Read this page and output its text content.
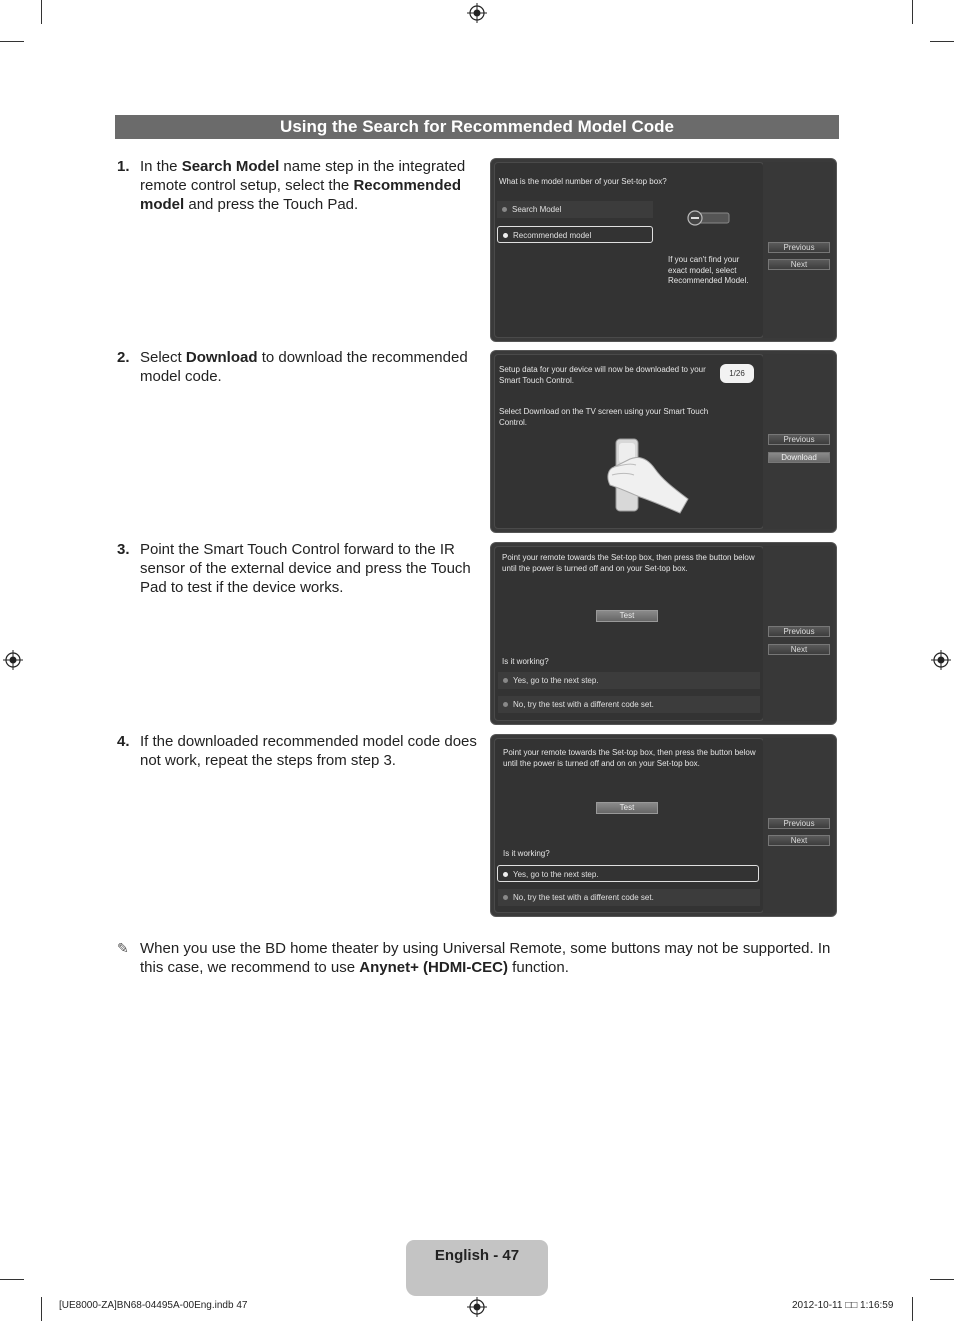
Using the Search for Recommended Model Code
1. In the Search Model name step in the integrated remote control setup, select the Recommended model and press the Touch Pad.
What is the model number of your Set-top box?
Search Model
Recommended model
If you can't find your exact model, select Recommended Model.
Previous
Next
2. Select Download to download the recommended model code.	Setup data for your device will now be downloaded to your Smart Touch Control.
1/26
Select Download on the TV screen using your Smart Touch Control.
Previous
Download
3. Point the Smart Touch Control forward to the IR sensor of the external device and press the Touch Pad to test if the device works.
Point your remote towards the Set-top box, then press the button below until the power is turned off and on your Set-top box.
Test
Is it working?
Yes, go to the next step.
No, try the test with a different code set.
Previous
Next
4. If the downloaded recommended model code does not work, repeat the steps from step 3.	Point your remote towards the Set-top box, then press the button below until the power is turned off and on on your Set-top box.
Test
Is it working?
Yes, go to the next step.
No, try the test with a different code set.
Previous
Next
✎ When you use the BD home theater by using Universal Remote, some buttons may not be supported. In this case, we recommend to use Anynet+ (HDMI-CEC) function.
English - 47
[UE8000-ZA]BN68-04495A-00Eng.indb 47	2012-10-11 □□ 1:16:59
